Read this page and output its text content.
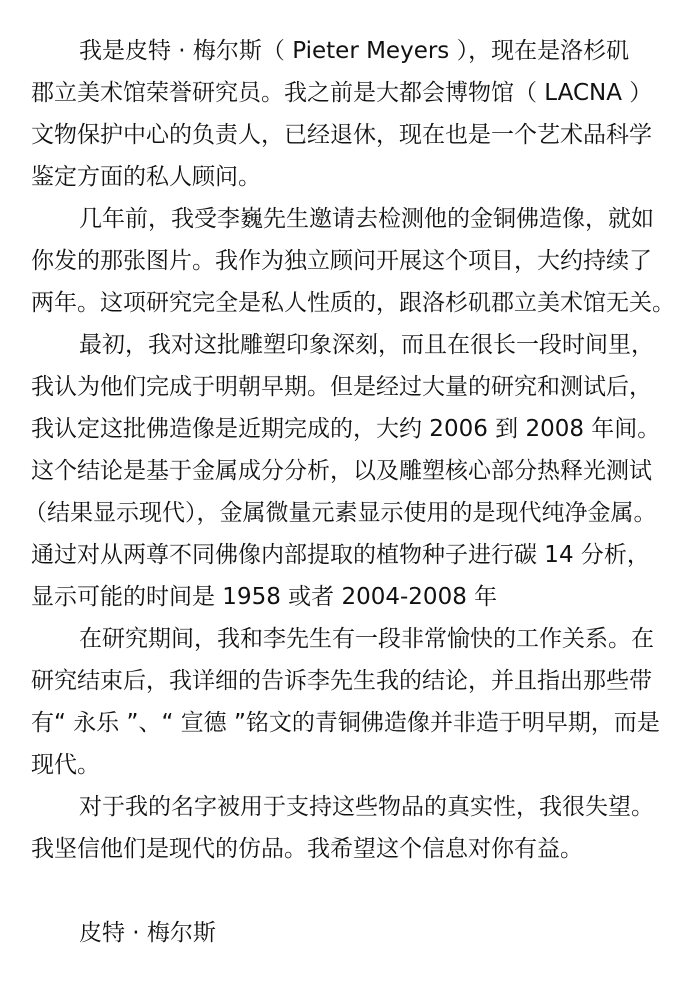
我是皮特 · 梅尔斯（ Pieter Meyers ），现在是洛杉矶
郡立美术馆荣誉研究员。我之前是大都会博物馆（ LACNA ）
文物保护中心的负责人，已经退休，现在也是一个艺术品科学
鉴定方面的私人顾问。
几年前，我受李巍先生邀请去检测他的金铜佛造像，就如
你发的那张图片。我作为独立顾问开展这个项目，大约持续了
两年。这项研究完全是私人性质的，跟洛杉矶郡立美术馆无关。
最初，我对这批雕塑印象深刻，而且在很长一段时间里，
我认为他们完成于明朝早期。但是经过大量的研究和测试后，
我认定这批佛造像是近期完成的，大约 2006 到 2008 年间。
这个结论是基于金属成分分析，以及雕塑核心部分热释光测试
（结果显示现代），金属微量元素显示使用的是现代纯净金属。
通过对从两尊不同佛像内部提取的植物种子进行碳 14 分析，
显示可能的时间是 1958 或者 2004-2008 年
在研究期间，我和李先生有一段非常愉快的工作关系。在
研究结束后，我详细的告诉李先生我的结论，并且指出那些带
有“ 永乐 ”、“ 宣德 ”铭文的青铜佛造像并非造于明早期，而是
现代。
对于我的名字被用于支持这些物品的真实性，我很失望。
我坚信他们是现代的仿品。我希望这个信息对你有益。
皮特 · 梅尔斯
